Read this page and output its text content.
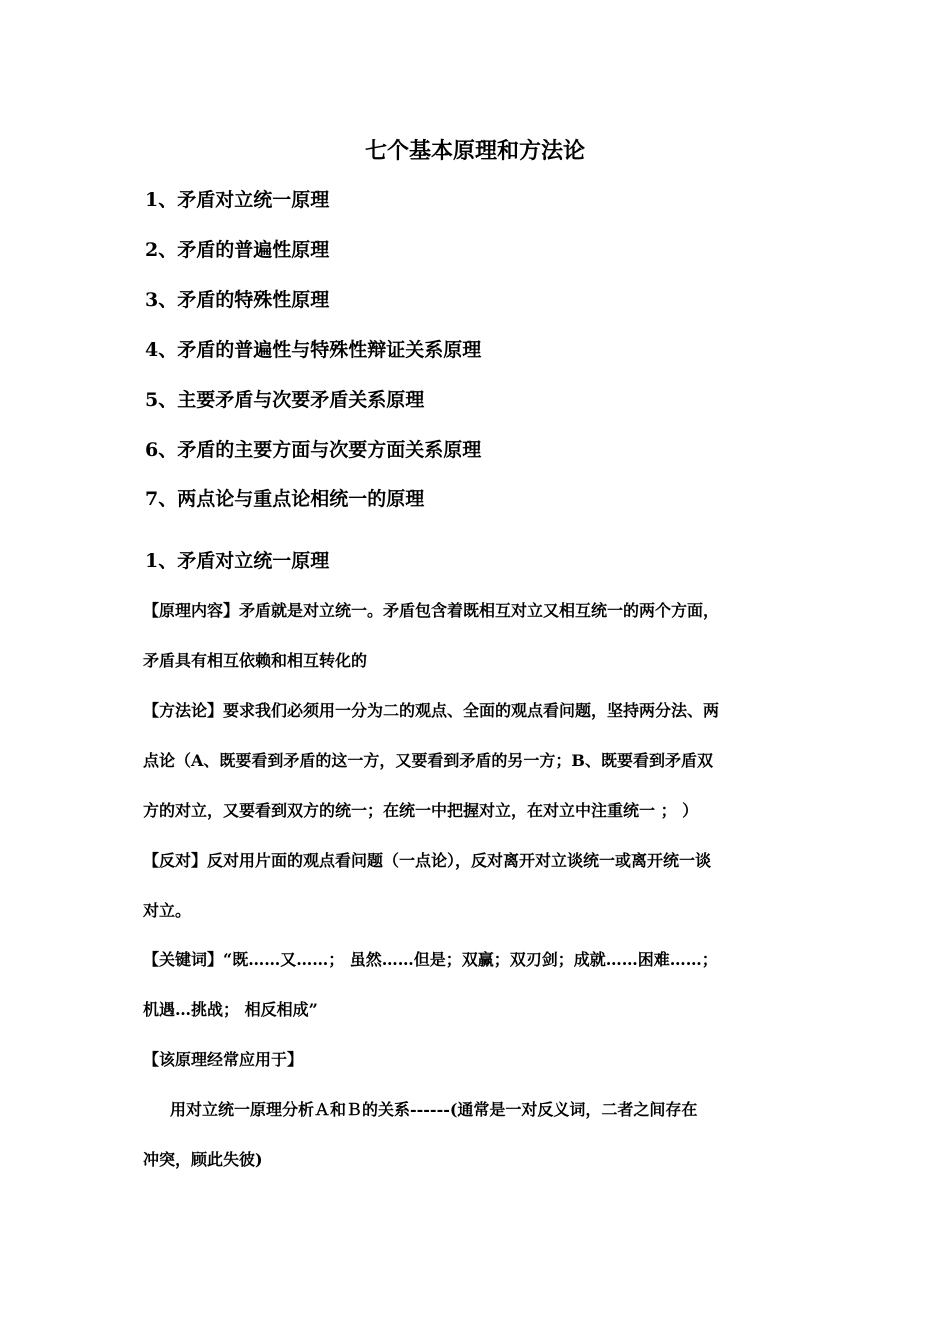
七个基本原理和方法论
1、矛盾对立统一原理
2、矛盾的普遍性原理
3、矛盾的特殊性原理
4、矛盾的普遍性与特殊性辩证关系原理
5、主要矛盾与次要矛盾关系原理
6、矛盾的主要方面与次要方面关系原理
7、两点论与重点论相统一的原理
1、矛盾对立统一原理
【原理内容】矛盾就是对立统一。矛盾包含着既相互对立又相互统一的两个方面，
矛盾具有相互依赖和相互转化的
【方法论】要求我们必须用一分为二的观点、全面的观点看问题，坚持两分法、两
点论（A、既要看到矛盾的这一方，又要看到矛盾的另一方；B、既要看到矛盾双
方的对立，又要看到双方的统一；在统一中把握对立，在对立中注重统一 ； ）
【反对】反对用片面的观点看问题（一点论），反对离开对立谈统一或离开统一谈
对立。
【关键词】“既……又……； 虽然……但是；双赢；双刃剑；成就……困难……；
机遇…挑战； 相反相成”
【该原理经常应用于】
用对立统一原理分析Ａ和Ｂ的关系------(通常是一对反义词，二者之间存在
冲突，顾此失彼)
